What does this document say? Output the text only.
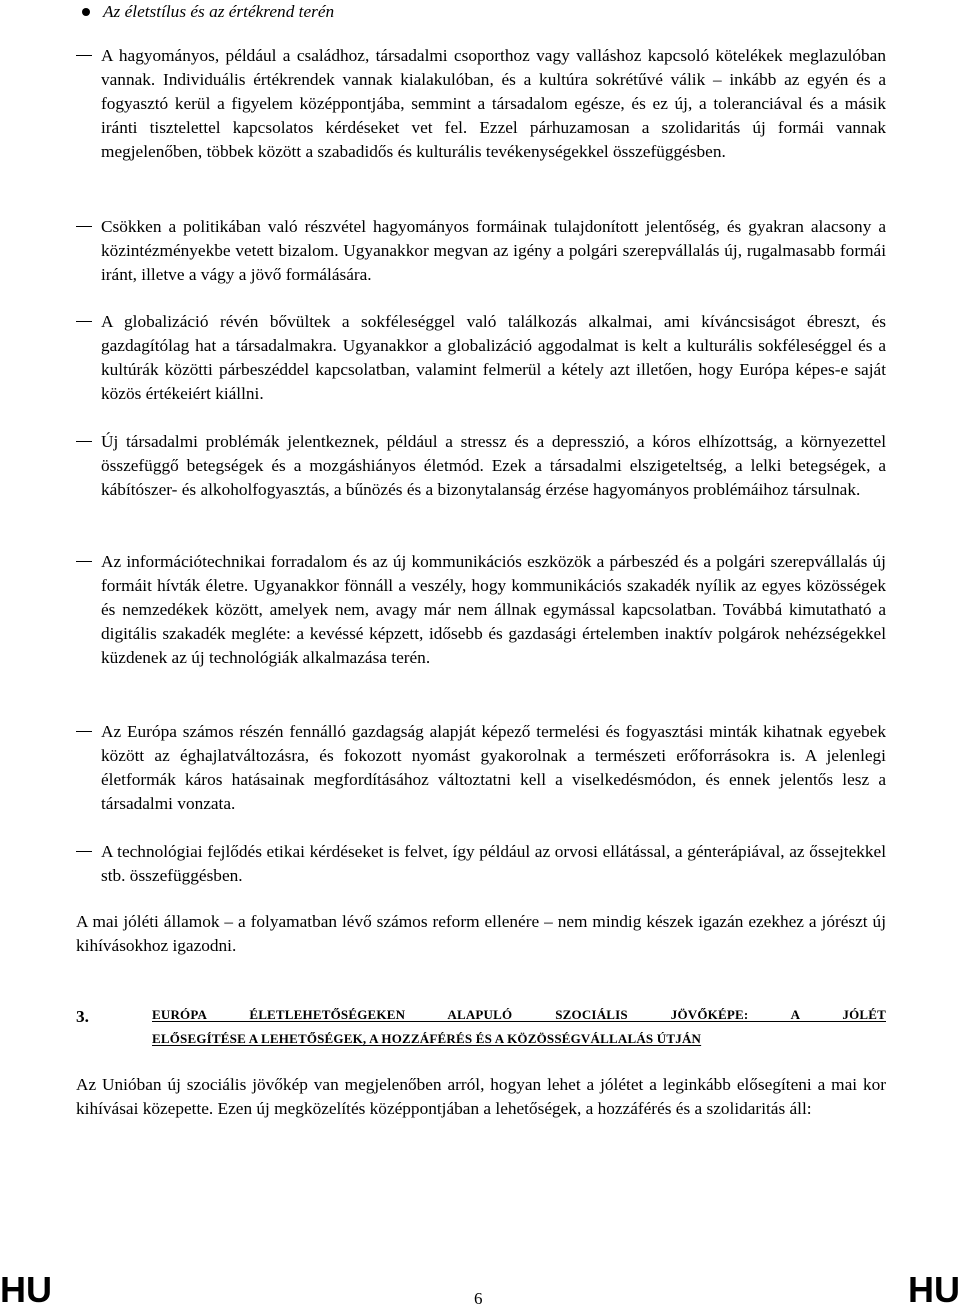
Az életstílus és az értékrend terén
A hagyományos, például a családhoz, társadalmi csoporthoz vagy valláshoz kapcsoló kötelékek meglazulóban vannak. Individuális értékrendek vannak kialakulóban, és a kultúra sokrétűvé válik – inkább az egyén és a fogyasztó kerül a figyelem középpontjába, semmint a társadalom egésze, és ez új, a toleranciával és a másik iránti tisztelettel kapcsolatos kérdéseket vet fel. Ezzel párhuzamosan a szolidaritás új formái vannak megjelenőben, többek között a szabadidős és kulturális tevékenységekkel összefüggésben.
Csökken a politikában való részvétel hagyományos formáinak tulajdonított jelentőség, és gyakran alacsony a közintézményekbe vetett bizalom. Ugyanakkor megvan az igény a polgári szerepvállalás új, rugalmasabb formái iránt, illetve a vágy a jövő formálására.
A globalizáció révén bővültek a sokféleséggel való találkozás alkalmai, ami kíváncsiságot ébreszt, és gazdagítólag hat a társadalmakra. Ugyanakkor a globalizáció aggodalmat is kelt a kulturális sokféleséggel és a kultúrák közötti párbeszéddel kapcsolatban, valamint felmerül a kétely azt illetően, hogy Európa képes-e saját közös értékeiért kiállni.
Új társadalmi problémák jelentkeznek, például a stressz és a depresszió, a kóros elhízottság, a környezettel összefüggő betegségek és a mozgáshiányos életmód. Ezek a társadalmi elszigeteltség, a lelki betegségek, a kábítószer- és alkoholfogyasztás, a bűnözés és a bizonytalanság érzése hagyományos problémáihoz társulnak.
Az információtechnikai forradalom és az új kommunikációs eszközök a párbeszéd és a polgári szerepvállalás új formáit hívták életre. Ugyanakkor fönnáll a veszély, hogy kommunikációs szakadék nyílik az egyes közösségek és nemzedékek között, amelyek nem, avagy már nem állnak egymással kapcsolatban. Továbbá kimutatható a digitális szakadék megléte: a kevéssé képzett, idősebb és gazdasági értelemben inaktív polgárok nehézségekkel küzdenek az új technológiák alkalmazása terén.
Az Európa számos részén fennálló gazdagság alapját képező termelési és fogyasztási minták kihatnak egyebek között az éghajlatváltozásra, és fokozott nyomást gyakorolnak a természeti erőforrásokra is. A jelenlegi életformák káros hatásainak megfordításához változtatni kell a viselkedésmódon, és ennek jelentős lesz a társadalmi vonzata.
A technológiai fejlődés etikai kérdéseket is felvet, így például az orvosi ellátással, a génterápiával, az őssejtekkel stb. összefüggésben.
A mai jóléti államok – a folyamatban lévő számos reform ellenére – nem mindig készek igazán ezekhez a jórészt új kihívásokhoz igazodni.
3.	EURÓPA ÉLETLEHETŐSÉGEKEN ALAPULÓ SZOCIÁLIS JÖVŐKÉPE: A JÓLÉT
ELŐSEGÍTÉSE A LEHETŐSÉGEK, A HOZZÁFÉRÉS ÉS A KÖZÖSSÉGVÁLLALÁS ÚTJÁN
Az Unióban új szociális jövőkép van megjelenőben arról, hogyan lehet a jólétet a leginkább elősegíteni a mai kor kihívásai közepette. Ezen új megközelítés középpontjában a lehetőségek, a hozzáférés és a szolidaritás áll:
HU	6	HU
